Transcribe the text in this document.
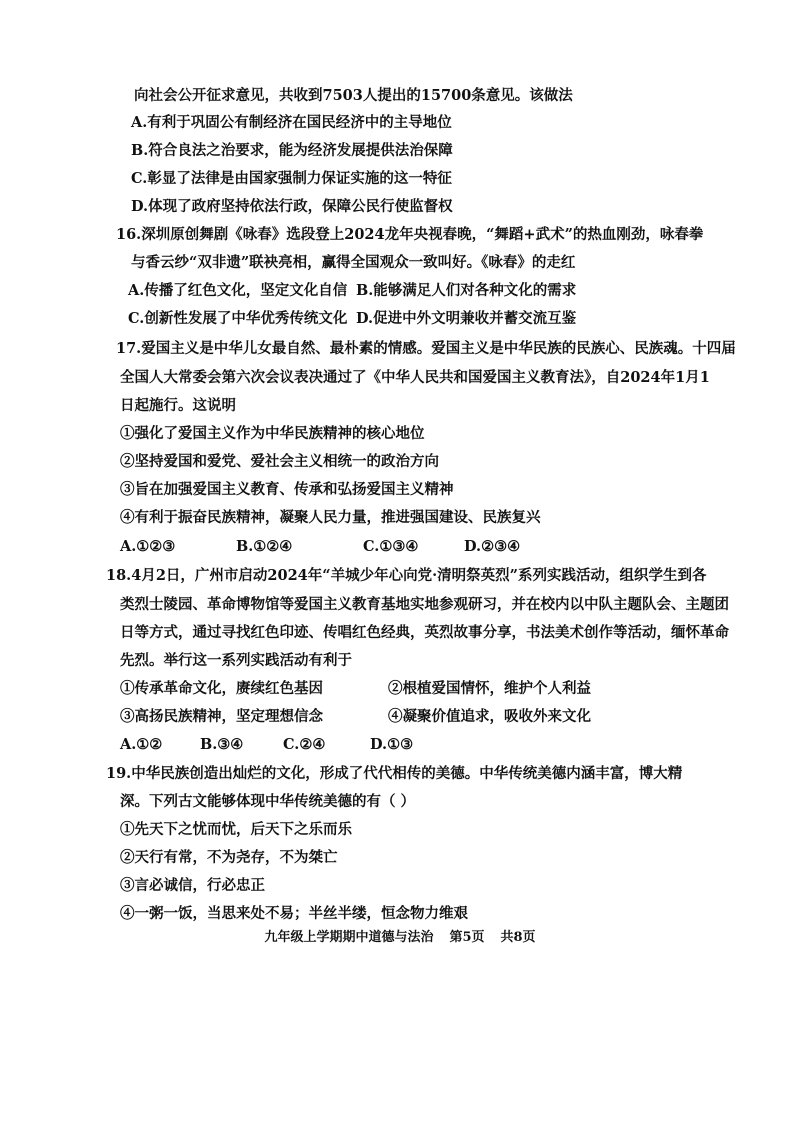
向社会公开征求意见，共收到7503人提出的15700条意见。该做法
A.有利于巩固公有制经济在国民经济中的主导地位
B.符合良法之治要求，能为经济发展提供法治保障
C.彰显了法律是由国家强制力保证实施的这一特征
D.体现了政府坚持依法行政，保障公民行使监督权
16.深圳原创舞剧《咏春》选段登上2024龙年央视春晚，“舞蹈+武术”的热血刚劲，咏春拳
与香云纱“双非遗”联袂亮相，赢得全国观众一致叫好。《咏春》的走红
A.传播了红色文化，坚定文化自信 B.能够满足人们对各种文化的需求
C.创新性发展了中华优秀传统文化 D.促进中外文明兼收并蓄交流互鉴
17.爱国主义是中华儿女最自然、最朴素的情感。爱国主义是中华民族的民族心、民族魂。十四届
全国人大常委会第六次会议表决通过了《中华人民共和国爱国主义教育法》，自2024年1月1
日起施行。这说明
①强化了爱国主义作为中华民族精神的核心地位
②坚持爱国和爱党、爱社会主义相统一的政治方向
③旨在加强爱国主义教育、传承和弘扬爱国主义精神
④有利于振奋民族精神，凝聚人民力量，推进强国建设、民族复兴
A.①②③	B.①②④	C.①③④	D.②③④
18.4月2日，广州市启动2024年“羊城少年心向党·清明祭英烈”系列实践活动，组织学生到各
类烈士陵园、革命博物馆等爱国主义教育基地实地参观研习，并在校内以中队主题队会、主题团
日等方式，通过寻找红色印迹、传唱红色经典，英烈故事分享，书法美术创作等活动，缅怀革命
先烈。举行这一系列实践活动有利于
①传承革命文化，赓续红色基因	②根植爱国情怀，维护个人利益
③高扬民族精神，坚定理想信念	④凝聚价值追求，吸收外来文化
A.①②	B.③④	C.②④	D.①③
19.中华民族创造出灿烂的文化，形成了代代相传的美德。中华传统美德内涵丰富，博大精
深。下列古文能够体现中华传统美德的有（ ）
①先天下之忧而忧，后天下之乐而乐
②天行有常，不为尧存，不为桀亡
③言必诚信，行必忠正
④一粥一饭，当思来处不易；半丝半缕，恒念物力维艰
九年级上学期期中道德与法治 第5页 共8页
